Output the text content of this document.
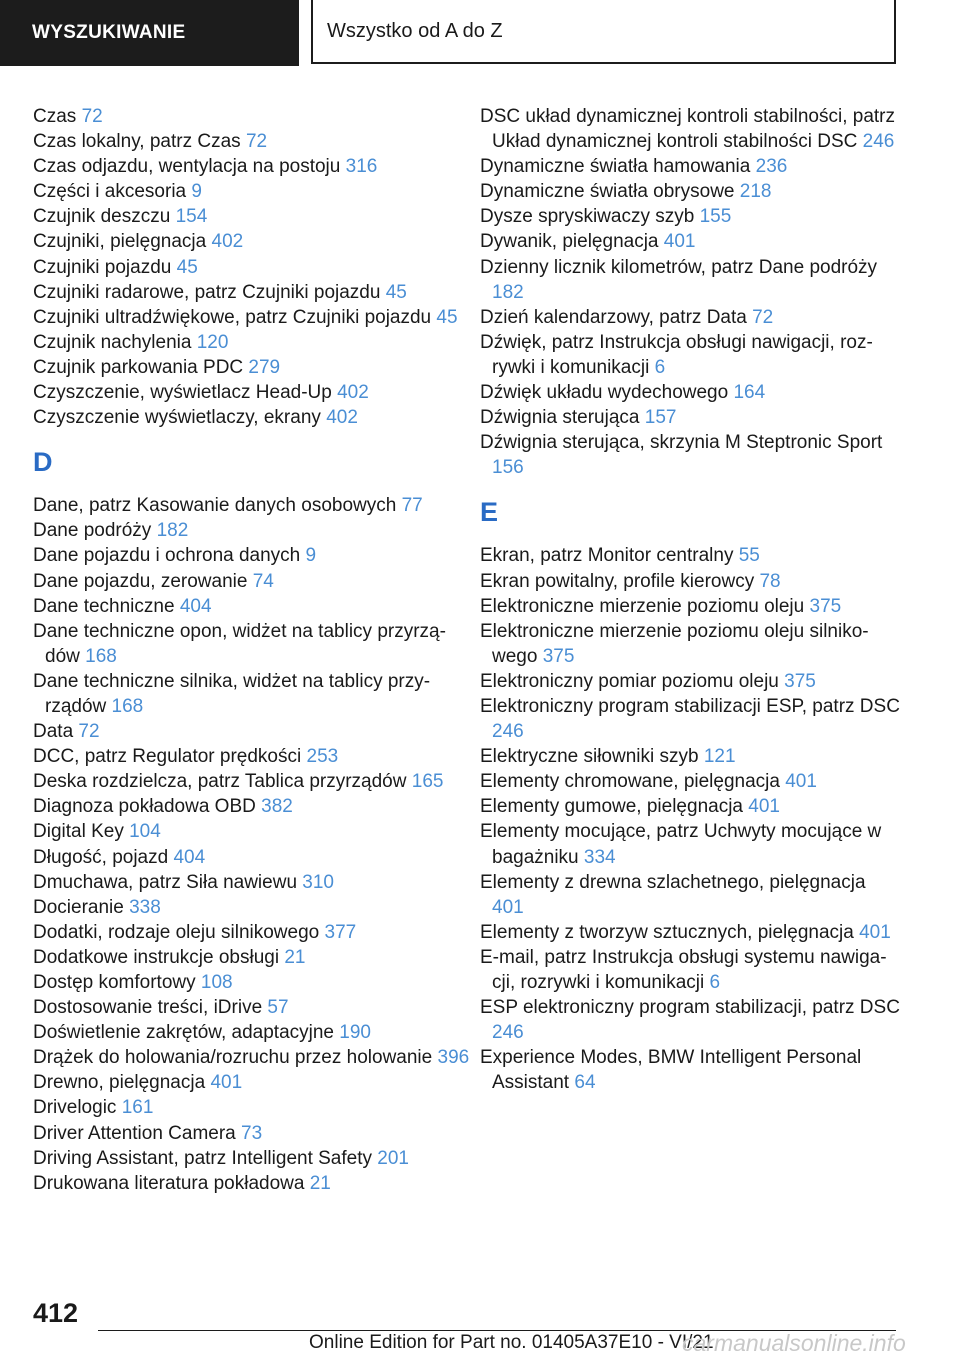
WYSZUKIWANIE	Wszystko od A do Z
Czas 72
Czas lokalny, patrz Czas 72
Czas odjazdu, wentylacja na postoju 316
Części i akcesoria 9
Czujnik deszczu 154
Czujniki, pielęgnacja 402
Czujniki pojazdu 45
Czujniki radarowe, patrz Czujniki pojazdu 45
Czujniki ultradźwiękowe, patrz Czujniki pojazdu 45
Czujnik nachylenia 120
Czujnik parkowania PDC 279
Czyszczenie, wyświetlacz Head-Up 402
Czyszczenie wyświetlaczy, ekrany 402
D
Dane, patrz Kasowanie danych osobowych 77
Dane podróży 182
Dane pojazdu i ochrona danych 9
Dane pojazdu, zerowanie 74
Dane techniczne 404
Dane techniczne opon, widżet na tablicy przyrządów 168
Dane techniczne silnika, widżet na tablicy przyrządów 168
Data 72
DCC, patrz Regulator prędkości 253
Deska rozdzielcza, patrz Tablica przyrządów 165
Diagnoza pokładowa OBD 382
Digital Key 104
Długość, pojazd 404
Dmuchawa, patrz Siła nawiewu 310
Docieranie 338
Dodatki, rodzaje oleju silnikowego 377
Dodatkowe instrukcje obsługi 21
Dostęp komfortowy 108
Dostosowanie treści, iDrive 57
Doświetlenie zakrętów, adaptacyjne 190
Drążek do holowania/rozruchu przez holowanie 396
Drewno, pielęgnacja 401
Drivelogic 161
Driver Attention Camera 73
Driving Assistant, patrz Intelligent Safety 201
Drukowana literatura pokładowa 21
DSC układ dynamicznej kontroli stabilności, patrz Układ dynamicznej kontroli stabilności DSC 246
Dynamiczne światła hamowania 236
Dynamiczne światła obrysowe 218
Dysze spryskiwaczy szyb 155
Dywanik, pielęgnacja 401
Dzienny licznik kilometrów, patrz Dane podróży 182
Dzień kalendarzowy, patrz Data 72
Dźwięk, patrz Instrukcja obsługi nawigacji, rozrywki i komunikacji 6
Dźwięk układu wydechowego 164
Dźwignia sterująca 157
Dźwignia sterująca, skrzynia M Steptronic Sport 156
E
Ekran, patrz Monitor centralny 55
Ekran powitalny, profile kierowcy 78
Elektroniczne mierzenie poziomu oleju 375
Elektroniczne mierzenie poziomu oleju silnikowego 375
Elektroniczny pomiar poziomu oleju 375
Elektroniczny program stabilizacji ESP, patrz DSC 246
Elektryczne siłowniki szyb 121
Elementy chromowane, pielęgnacja 401
Elementy gumowe, pielęgnacja 401
Elementy mocujące, patrz Uchwyty mocujące w bagażniku 334
Elementy z drewna szlachetnego, pielęgnacja 401
Elementy z tworzyw sztucznych, pielęgnacja 401
E-mail, patrz Instrukcja obsługi systemu nawigacji, rozrywki i komunikacji 6
ESP elektroniczny program stabilizacji, patrz DSC 246
Experience Modes, BMW Intelligent Personal Assistant 64
412
Online Edition for Part no. 01405A37E10 - VI/21
carmanualsonline.info
